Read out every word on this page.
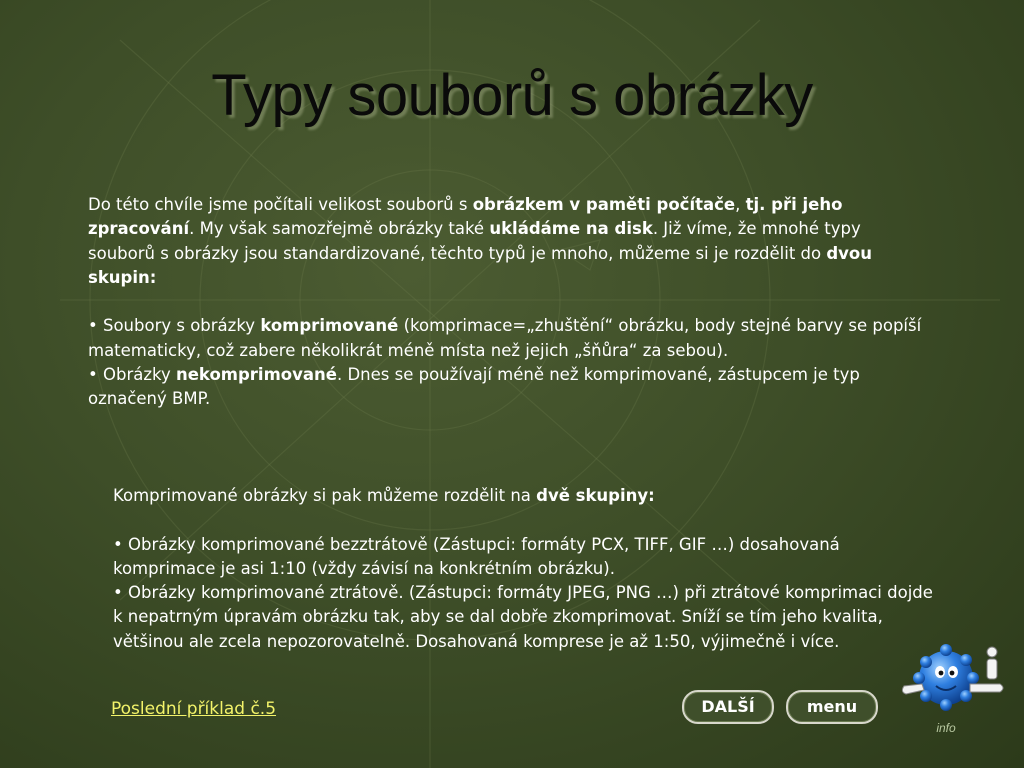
Typy souborů s obrázky

Do této chvíle jsme počítali velikost souborů s obrázkem v paměti počítače, tj. při jeho zpracování. My však samozřejmě obrázky také ukládáme na disk. Již víme, že mnohé typy souborů s obrázky jsou standardizované, těchto typů je mnoho, můžeme si je rozdělit do dvou skupin:

• Soubory s obrázky komprimované (komprimace=„zhuštění“ obrázku, body stejné barvy se popíší matematicky, což zabere několikrát méně místa než jejich „šňůra“ za sebou).

• Obrázky nekomprimované. Dnes se používají méně než komprimované, zástupcem je typ označený BMP.

Komprimované obrázky si pak můžeme rozdělit na dvě skupiny:

• Obrázky komprimované bezztrátově (Zástupci: formáty PCX, TIFF, GIF …) dosahovaná komprimace je asi 1:10 (vždy závisí na konkrétním obrázku).

• Obrázky komprimované ztrátově. (Zástupci: formáty JPEG, PNG …) při ztrátové komprimaci dojde k nepatrným úpravám obrázku tak, aby se dal dobře zkomprimovat. Sníží se tím jeho kvalita, většinou ale zcela nepozorovatelně. Dosahovaná komprese je až 1:50, výjimečně i více.

Poslední příklad č.5	DALŠÍ	menu
info
i
